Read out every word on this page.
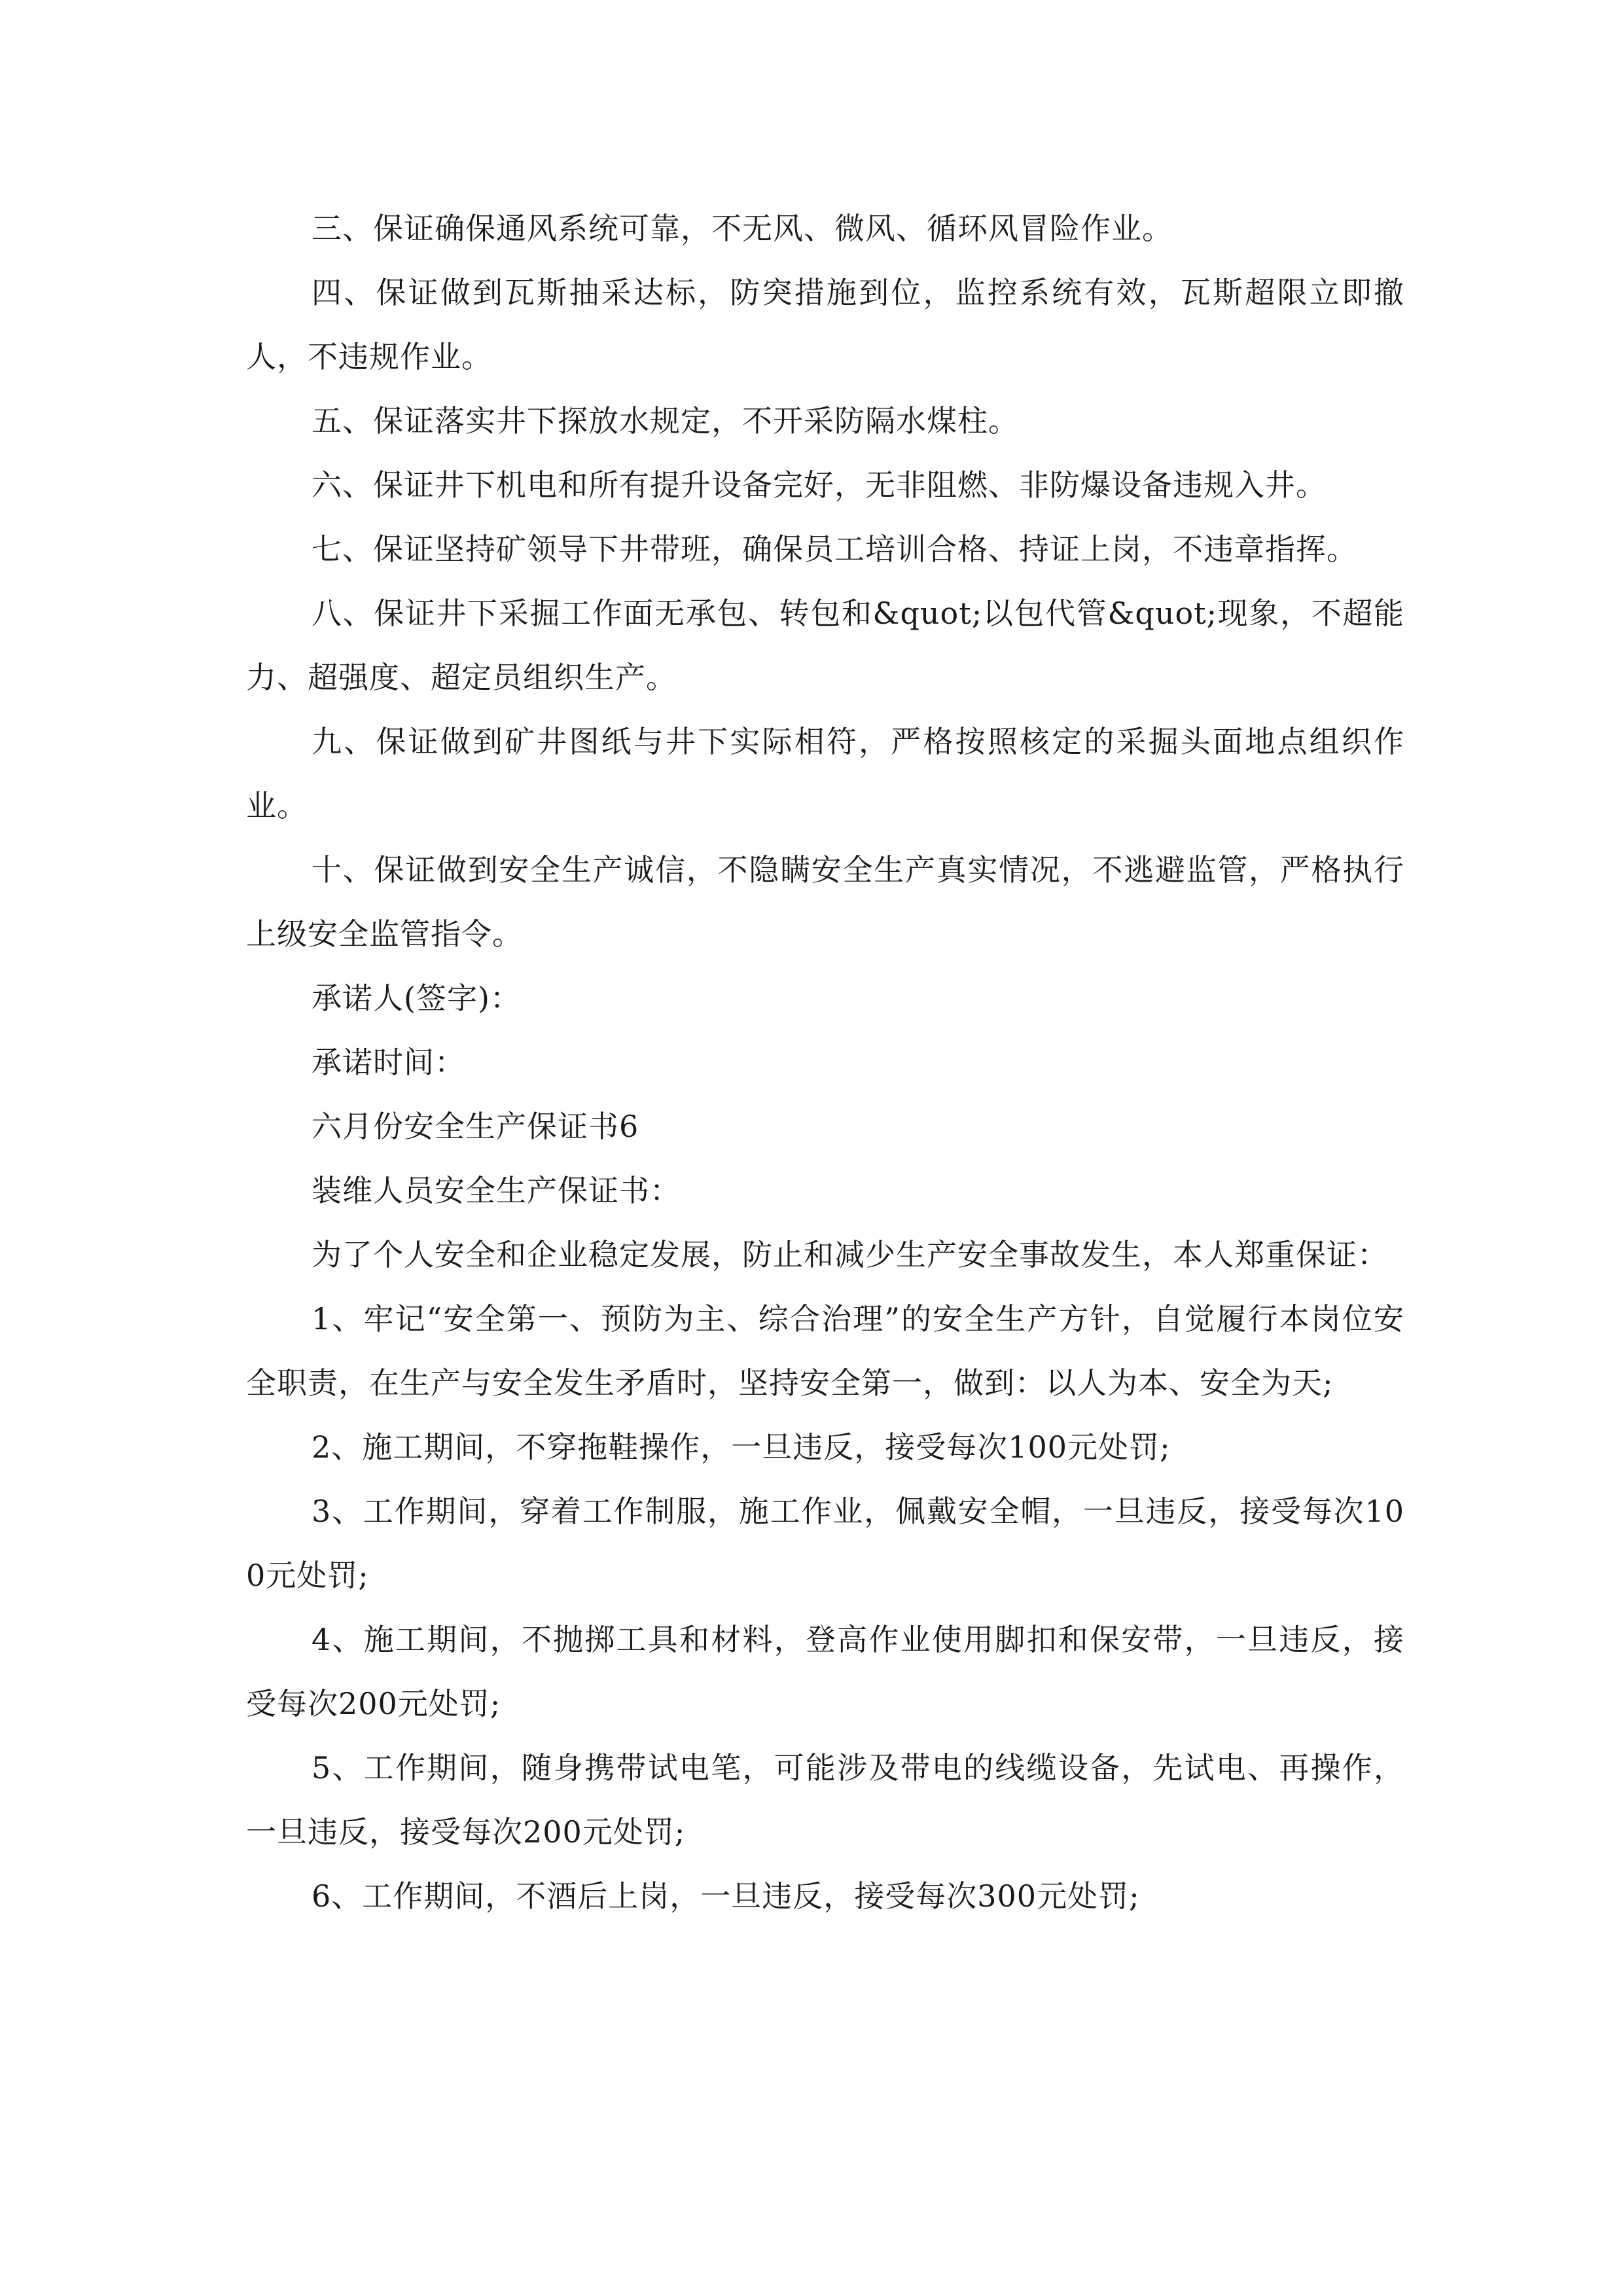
三、保证确保通风系统可靠，不无风、微风、循环风冒险作业。

四、保证做到瓦斯抽采达标，防突措施到位，监控系统有效，瓦斯超限立即撤人，不违规作业。

五、保证落实井下探放水规定，不开采防隔水煤柱。

六、保证井下机电和所有提升设备完好，无非阻燃、非防爆设备违规入井。

七、保证坚持矿领导下井带班，确保员工培训合格、持证上岗，不违章指挥。

八、保证井下采掘工作面无承包、转包和&quot;以包代管&quot;现象，不超能力、超强度、超定员组织生产。

九、保证做到矿井图纸与井下实际相符，严格按照核定的采掘头面地点组织作业。

十、保证做到安全生产诚信，不隐瞒安全生产真实情况，不逃避监管，严格执行上级安全监管指令。

承诺人(签字)：

承诺时间：

六月份安全生产保证书6

装维人员安全生产保证书：

为了个人安全和企业稳定发展，防止和减少生产安全事故发生，本人郑重保证：

1、牢记“安全第一、预防为主、综合治理”的安全生产方针，自觉履行本岗位安全职责，在生产与安全发生矛盾时，坚持安全第一，做到：以人为本、安全为天;

2、施工期间，不穿拖鞋操作，一旦违反，接受每次100元处罚;

3、工作期间，穿着工作制服，施工作业，佩戴安全帽，一旦违反，接受每次100元处罚;

4、施工期间，不抛掷工具和材料，登高作业使用脚扣和保安带，一旦违反，接受每次200元处罚;

5、工作期间，随身携带试电笔，可能涉及带电的线缆设备，先试电、再操作，一旦违反，接受每次200元处罚;

6、工作期间，不酒后上岗，一旦违反，接受每次300元处罚;
